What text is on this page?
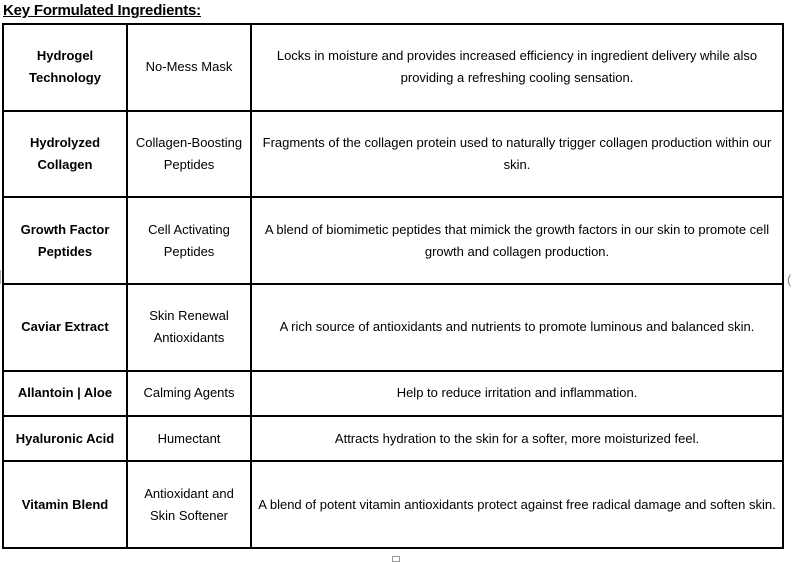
Key Formulated Ingredients:
Hydrogel Technology	No-Mess Mask	Locks in moisture and provides increased efficiency in ingredient delivery while also providing a refreshing cooling sensation.
Hydrolyzed Collagen	Collagen-Boosting Peptides	Fragments of the collagen protein used to naturally trigger collagen production within our skin.
Growth Factor Peptides	Cell Activating Peptides	A blend of biomimetic peptides that mimick the growth factors in our skin to promote cell growth and collagen production.
Caviar Extract	Skin Renewal Antioxidants	A rich source of antioxidants and nutrients to promote luminous and balanced skin.
Allantoin | Aloe	Calming Agents	Help to reduce irritation and inflammation.
Hyaluronic Acid	Humectant	Attracts hydration to the skin for a softer, more moisturized feel.
Vitamin Blend	Antioxidant and Skin Softener	A blend of potent vitamin antioxidants protect against free radical damage and soften skin.
(
